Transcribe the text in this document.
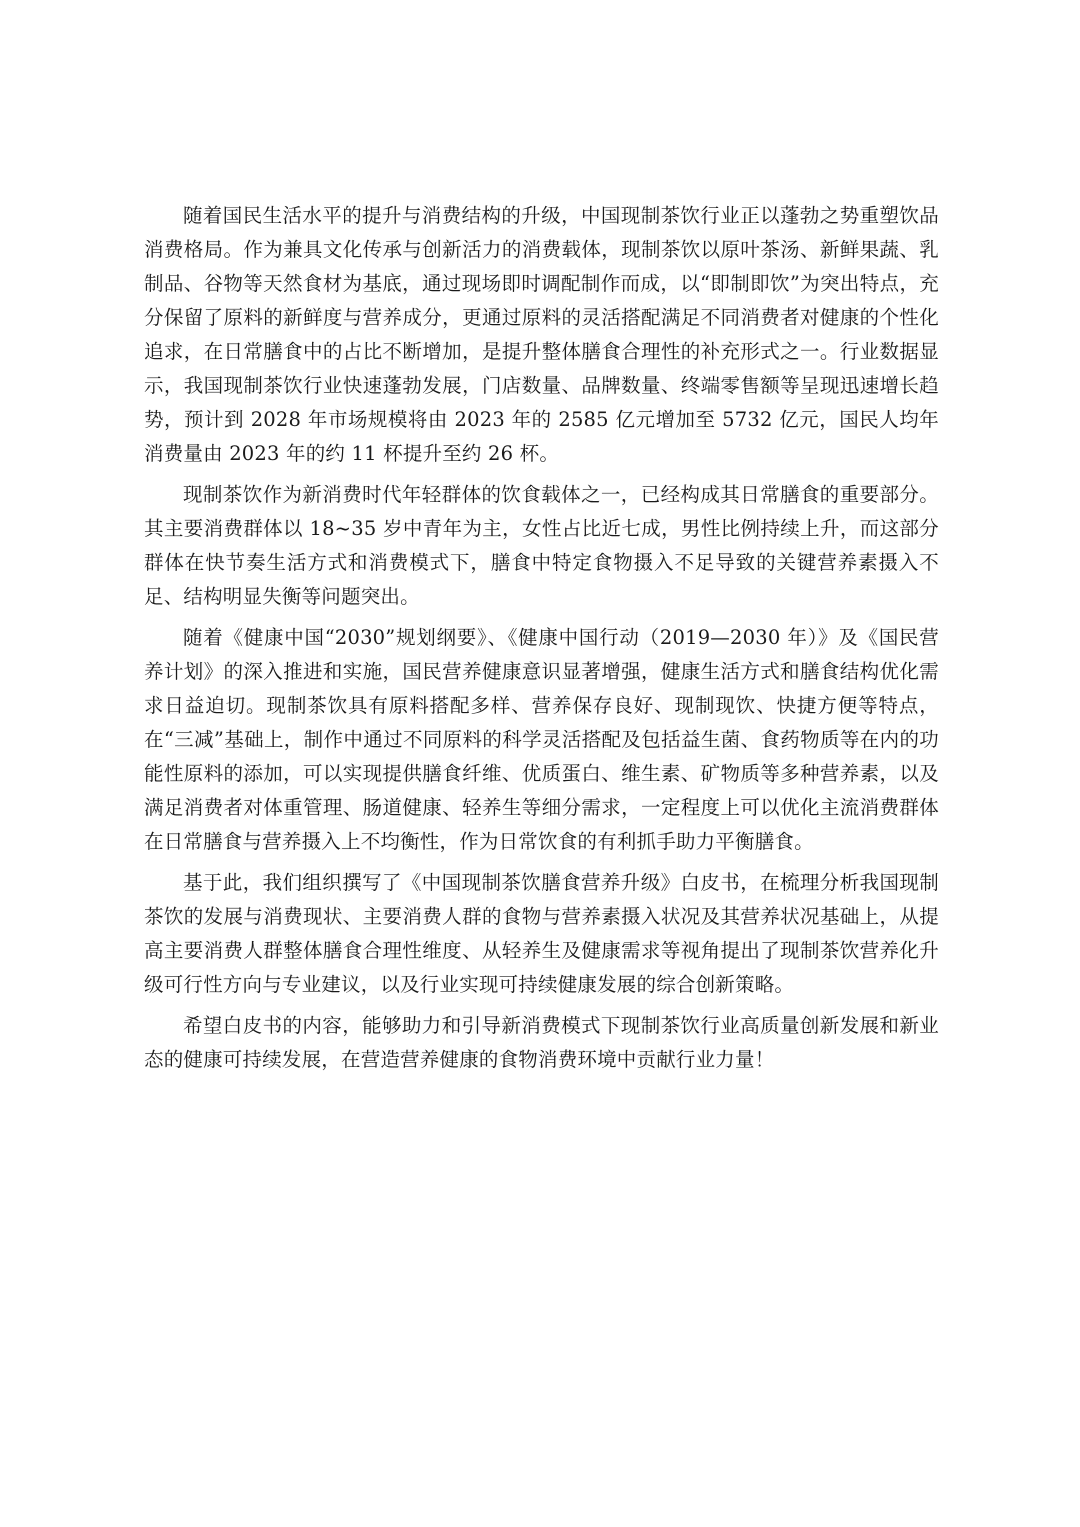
随着国民生活水平的提升与消费结构的升级，中国现制茶饮行业正以蓬勃之势重塑饮品消费格局。作为兼具文化传承与创新活力的消费载体，现制茶饮以原叶茶汤、新鲜果蔬、乳制品、谷物等天然食材为基底，通过现场即时调配制作而成，以“即制即饮”为突出特点，充分保留了原料的新鲜度与营养成分，更通过原料的灵活搭配满足不同消费者对健康的个性化追求，在日常膳食中的占比不断增加，是提升整体膳食合理性的补充形式之一。行业数据显示，我国现制茶饮行业快速蓬勃发展，门店数量、品牌数量、终端零售额等呈现迅速增长趋势，预计到 2028 年市场规模将由 2023 年的 2585 亿元增加至 5732 亿元，国民人均年消费量由 2023 年的约 11 杯提升至约 26 杯。

现制茶饮作为新消费时代年轻群体的饮食载体之一，已经构成其日常膳食的重要部分。其主要消费群体以 18~35 岁中青年为主，女性占比近七成，男性比例持续上升，而这部分群体在快节奏生活方式和消费模式下，膳食中特定食物摄入不足导致的关键营养素摄入不足、结构明显失衡等问题突出。

随着《健康中国“2030”规划纲要》、《健康中国行动（2019—2030 年）》及《国民营养计划》的深入推进和实施，国民营养健康意识显著增强，健康生活方式和膳食结构优化需求日益迫切。现制茶饮具有原料搭配多样、营养保存良好、现制现饮、快捷方便等特点，在“三减”基础上，制作中通过不同原料的科学灵活搭配及包括益生菌、食药物质等在内的功能性原料的添加，可以实现提供膳食纤维、优质蛋白、维生素、矿物质等多种营养素，以及满足消费者对体重管理、肠道健康、轻养生等细分需求，一定程度上可以优化主流消费群体在日常膳食与营养摄入上不均衡性，作为日常饮食的有利抓手助力平衡膳食。

基于此，我们组织撰写了《中国现制茶饮膳食营养升级》白皮书，在梳理分析我国现制茶饮的发展与消费现状、主要消费人群的食物与营养素摄入状况及其营养状况基础上，从提高主要消费人群整体膳食合理性维度、从轻养生及健康需求等视角提出了现制茶饮营养化升级可行性方向与专业建议，以及行业实现可持续健康发展的综合创新策略。

希望白皮书的内容，能够助力和引导新消费模式下现制茶饮行业高质量创新发展和新业态的健康可持续发展，在营造营养健康的食物消费环境中贡献行业力量！
